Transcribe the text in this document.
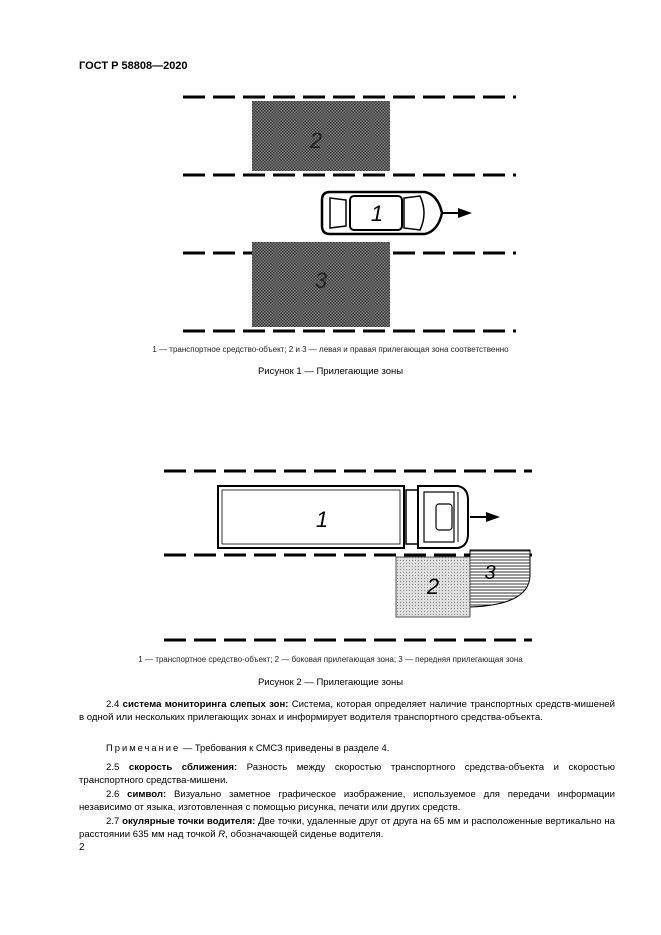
ГОСТ Р 58808—2020
2
1
3
1 — транспортное средство-объект; 2 и 3 — левая и правая прилегающая зона соответственно
Рисунок 1 — Прилегающие зоны
1
2
3
1 — транспортное средство-объект; 2 — боковая прилегающая зона; 3 — передняя прилегающая зона
Рисунок 2 — Прилегающие зоны
2.4 система мониторинга слепых зон: Система, которая определяет наличие транспортных средств-мишеней в одной или нескольких прилегающих зонах и информирует водителя транспортного средства-объекта.
Примечание — Требования к СМСЗ приведены в разделе 4.
2.5 скорость сближения: Разность между скоростью транспортного средства-объекта и скоростью транспортного средства-мишени.
2.6 символ: Визуально заметное графическое изображение, используемое для передачи информации независимо от языка, изготовленная с помощью рисунка, печати или других средств.
2.7 окулярные точки водителя: Две точки, удаленные друг от друга на 65 мм и расположенные вертикально на расстоянии 635 мм над точкой R, обозначающей сиденье водителя.
2
